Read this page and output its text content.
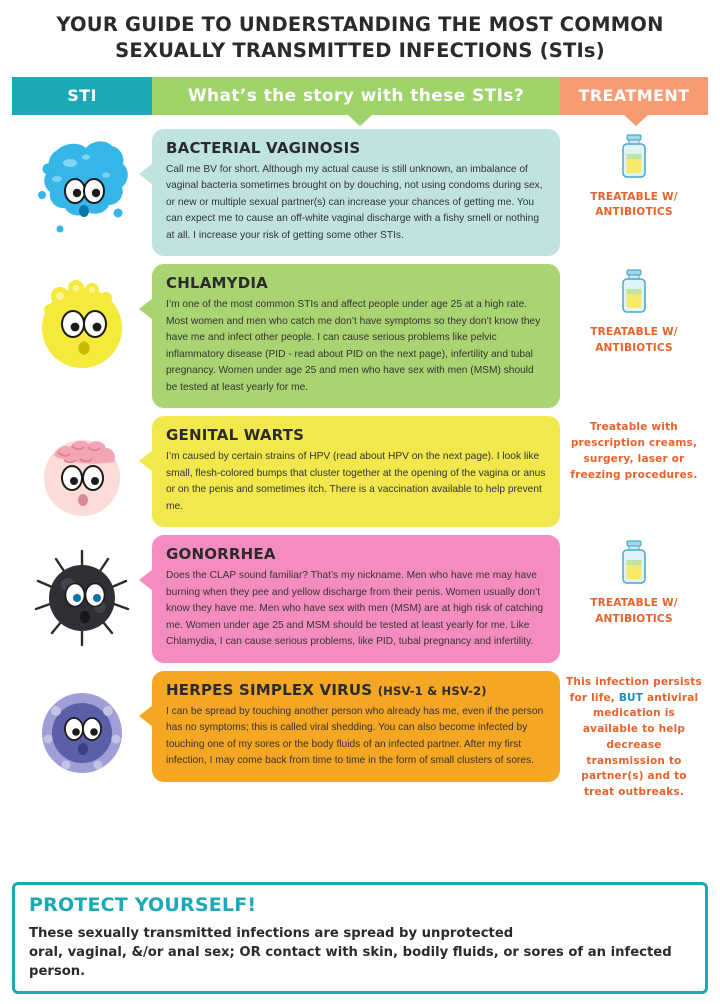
YOUR GUIDE TO UNDERSTANDING THE MOST COMMON
SEXUALLY TRANSMITTED INFECTIONS (STIs)
STI	What’s the story with these STIs?	TREATMENT
BACTERIAL VAGINOSIS

Call me BV for short. Although my actual cause is still unknown, an imbalance of vaginal bacteria sometimes brought on by douching, not using condoms during sex, or new or multiple sexual partner(s) can increase your chances of getting me. You can expect me to cause an off-white vaginal discharge with a fishy smell or nothing at all. I increase your risk of getting some other STIs.

TREATABLE W/ ANTIBIOTICS
CHLAMYDIA

I’m one of the most common STIs and affect people under age 25 at a high rate. Most women and men who catch me don’t have symptoms so they don’t know they have me and infect other people. I can cause serious problems like pelvic inflammatory disease (PID - read about PID on the next page), infertility and tubal pregnancy. Women under age 25 and men who have sex with men (MSM) should be tested at least yearly for me.

TREATABLE W/ ANTIBIOTICS
GENITAL WARTS

I’m caused by certain strains of HPV (read about HPV on the next page). I look like small, flesh-colored bumps that cluster together at the opening of the vagina or anus or on the penis and sometimes itch. There is a vaccination available to help prevent me.

Treatable with prescription creams, surgery, laser or freezing procedures.
GONORRHEA

Does the CLAP sound familiar? That’s my nickname. Men who have me may have burning when they pee and yellow discharge from their penis. Women usually don’t know they have me. Men who have sex with men (MSM) are at high risk of catching me. Women under age 25 and MSM should be tested at least yearly for me. Like Chlamydia, I can cause serious problems, like PID, tubal pregnancy and infertility.

TREATABLE W/ ANTIBIOTICS
HERPES SIMPLEX VIRUS (HSV-1 & HSV-2)

I can be spread by touching another person who already has me, even if the person has no symptoms; this is called viral shedding. You can also become infected by touching one of my sores or the body fluids of an infected partner. After my first infection, I may come back from time to time in the form of small clusters of sores.

This infection persists for life, BUT antiviral medication is available to help decrease transmission to partner(s) and to treat outbreaks.
PROTECT YOURSELF!
These sexually transmitted infections are spread by unprotected
oral, vaginal, &/or anal sex; OR contact with skin, bodily fluids, or sores of an infected person.
